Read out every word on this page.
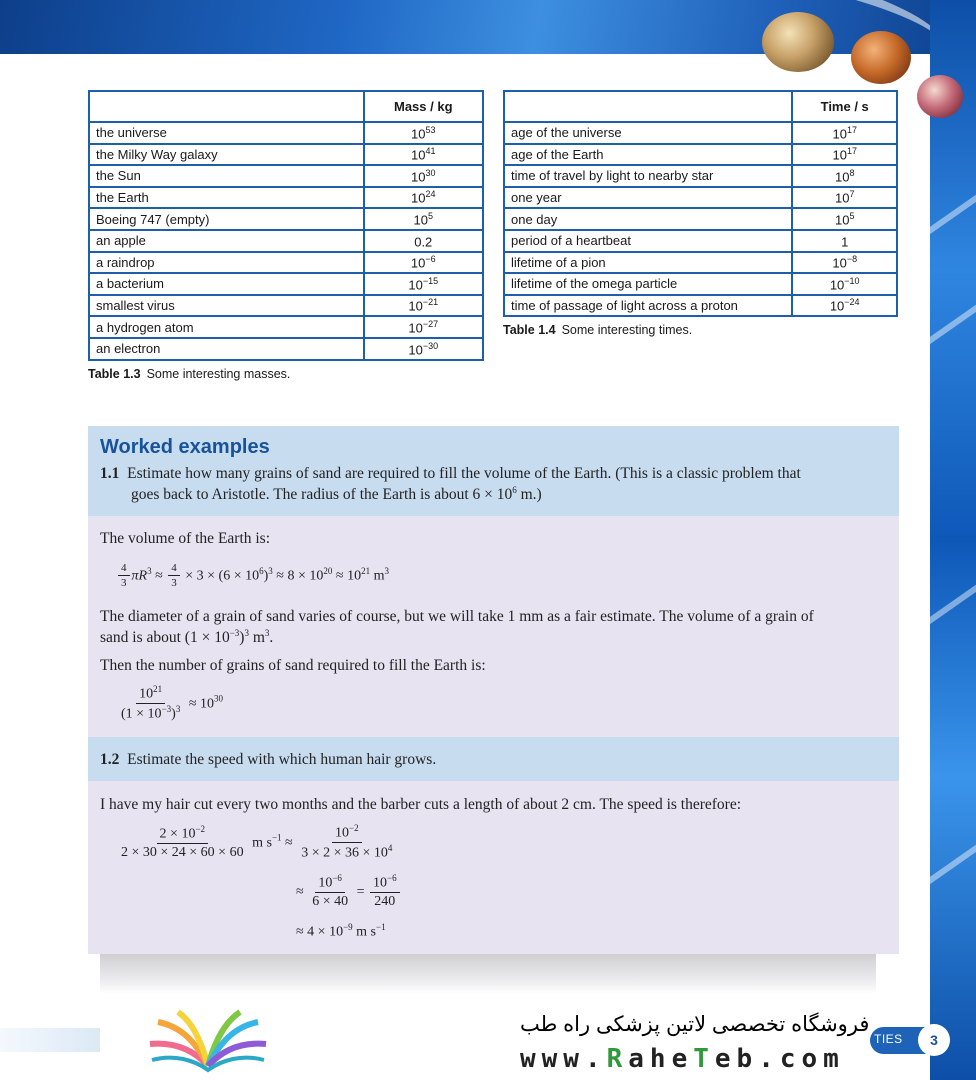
	Mass / kg
the universe	$10^{53}$
the Milky Way galaxy	$10^{41}$
the Sun	$10^{30}$
the Earth	$10^{24}$
Boeing 747 (empty)	$10^5$
an apple	0.2
a raindrop	$10^{-6}$
a bacterium	$10^{-15}$
smallest virus	$10^{-21}$
a hydrogen atom	$10^{-27}$
an electron	$10^{-30}$
Table 1.3 Some interesting masses.
	Time / s
age of the universe	$10^{17}$
age of the Earth	$10^{17}$
time of travel by light to nearby star	$10^8$
one year	$10^7$
one day	$10^5$
period of a heartbeat	1
lifetime of a pion	$10^{-8}$
lifetime of the omega particle	$10^{-10}$
time of passage of light across a proton	$10^{-24}$
Table 1.4 Some interesting times.
Worked examples
1.1 Estimate how many grains of sand are required to fill the volume of the Earth. (This is a classic problem that
goes back to Aristotle. The radius of the Earth is about $6 \times 10^6$ m.)
The volume of the Earth is:
$\frac{4}{3} \pi R^3 \approx \frac{4}{3} \times 3 \times (6 \times 10^6)^3 \approx 8 \times 10^{20} \approx 10^{21}$ $m^3$
The diameter of a grain of sand varies of course, but we will take 1 mm as a fair estimate. The volume of a grain of
sand is about $(1 \times 10^{-3})^3$ $m^3$.
Then the number of grains of sand required to fill the Earth is:
$\frac{10^{21}}{(1 \times 10^{-3})^3} \approx 10^{30}$
1.2 Estimate the speed with which human hair grows.
I have my hair cut every two months and the barber cuts a length of about 2 cm. The speed is therefore:
$\frac{2 \times 10^{-2}}{2 \times 30 \times 24 \times 60 \times 60}$ m $s^{-1} \approx \frac{10^{-2}}{3 \times 2 \times 36 \times 10^4}$
≈ $\frac{10^{-6}}{6 \times 40} = \frac{10^{-6}}{240}$
≈ $4 \times 10^{-9}$ m $s^{-1}$
TIES	3
فروشگاه تخصصی لاتین پزشکی راه طب
www.RaheTeb.com
